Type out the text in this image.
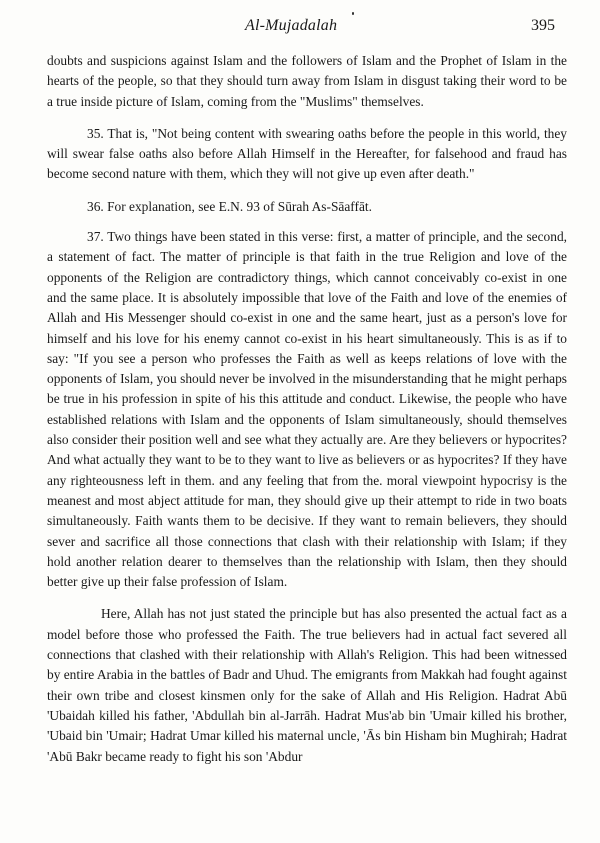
Al-Mujadalah	395

doubts and suspicions against Islam and the followers of Islam and the Prophet of Islam in the hearts of the people, so that they should turn away from Islam in disgust taking their word to be a true inside picture of Islam, coming from the "Muslims" themselves.

35. That is, "Not being content with swearing oaths before the people in this world, they will swear false oaths also before Allah Himself in the Hereafter, for falsehood and fraud has become second nature with them, which they will not give up even after death."

36. For explanation, see E.N. 93 of Sūrah As-Sāaffāt.

37. Two things have been stated in this verse: first, a matter of principle, and the second, a statement of fact. The matter of principle is that faith in the true Religion and love of the opponents of the Religion are contradictory things, which cannot conceivably co-exist in one and the same place. It is absolutely impossible that love of the Faith and love of the enemies of Allah and His Messenger should co-exist in one and the same heart, just as a person's love for himself and his love for his enemy cannot co-exist in his heart simultaneously. This is as if to say: "If you see a person who professes the Faith as well as keeps relations of love with the opponents of Islam, you should never be involved in the misunderstanding that he might perhaps be true in his profession in spite of his this attitude and conduct. Likewise, the people who have established relations with Islam and the opponents of Islam simultaneously, should themselves also consider their position well and see what they actually are. Are they believers or hypocrites? And what actually they want to be to they want to live as believers or as hypocrites? If they have any righteousness left in them. and any feeling that from the. moral viewpoint hypocrisy is the meanest and most abject attitude for man, they should give up their attempt to ride in two boats simultaneously. Faith wants them to be decisive. If they want to remain believers, they should sever and sacrifice all those connections that clash with their relationship with Islam; if they hold another relation dearer to themselves than the relationship with Islam, then they should better give up their false profession of Islam.

Here, Allah has not just stated the principle but has also presented the actual fact as a model before those who professed the Faith. The true believers had in actual fact severed all connections that clashed with their relationship with Allah's Religion. This had been witnessed by entire Arabia in the battles of Badr and Uhud. The emigrants from Makkah had fought against their own tribe and closest kinsmen only for the sake of Allah and His Religion. Hadrat Abū 'Ubaidah killed his father, 'Abdullah bin al-Jarrāh. Hadrat Mus'ab bin 'Umair killed his brother, 'Ubaid bin 'Umair; Hadrat Umar killed his maternal uncle, 'Ās bin Hisham bin Mughirah; Hadrat 'Abū Bakr became ready to fight his son 'Abdur
